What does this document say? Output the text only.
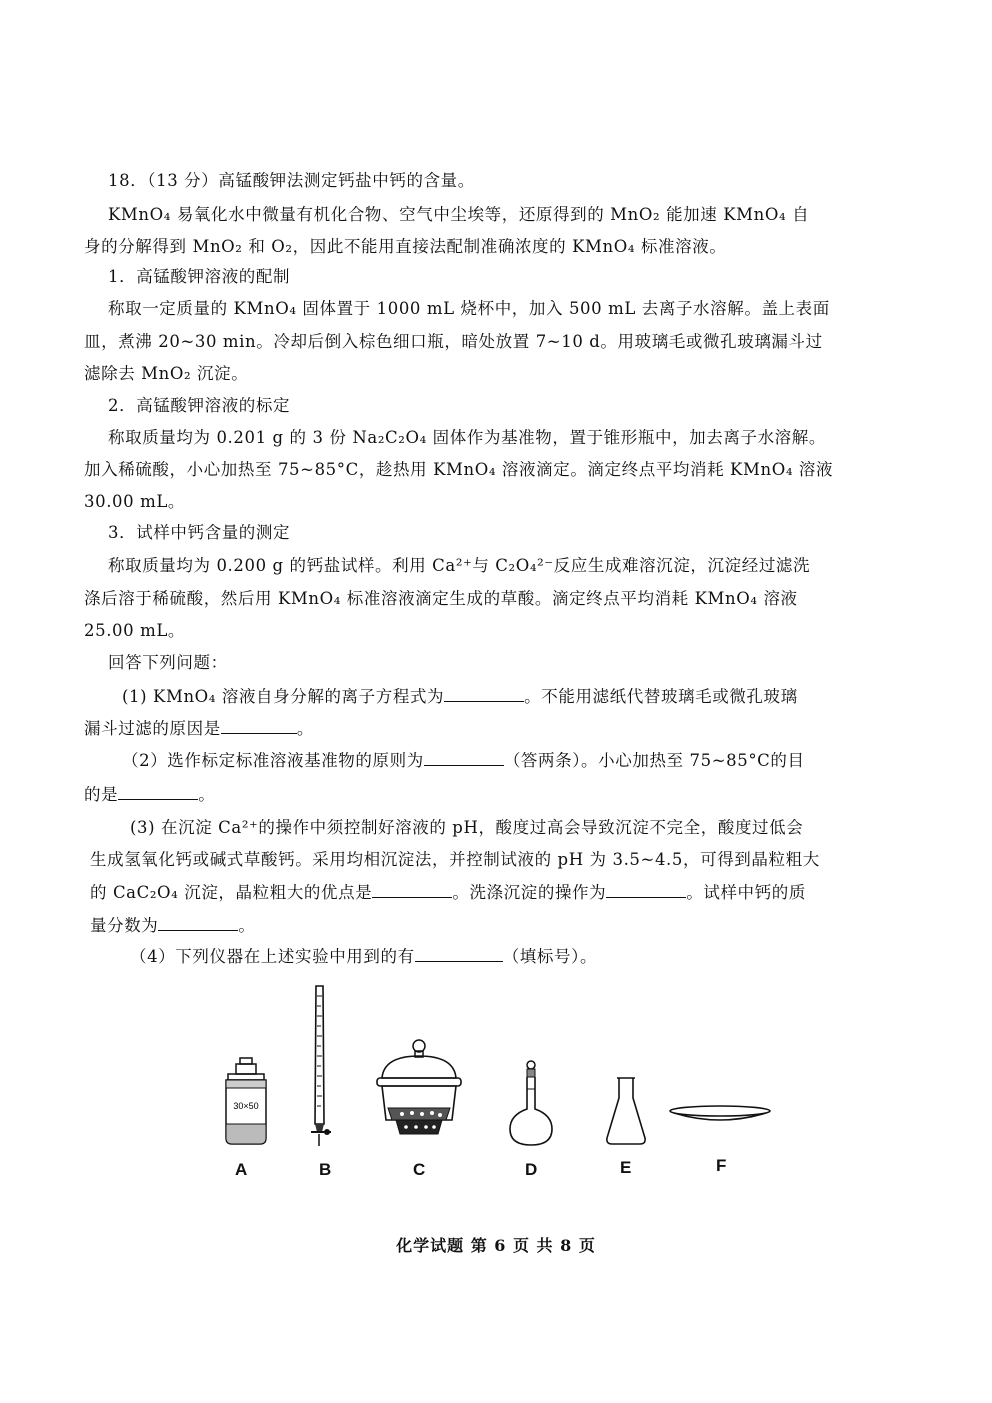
18．（13 分）高锰酸钾法测定钙盐中钙的含量。
KMnO₄ 易氧化水中微量有机化合物、空气中尘埃等，还原得到的 MnO₂ 能加速 KMnO₄ 自
身的分解得到 MnO₂ 和 O₂，因此不能用直接法配制准确浓度的 KMnO₄ 标准溶液。
1．高锰酸钾溶液的配制
称取一定质量的 KMnO₄ 固体置于 1000 mL 烧杯中，加入 500 mL 去离子水溶解。盖上表面
皿，煮沸 20~30 min。冷却后倒入棕色细口瓶，暗处放置 7~10 d。用玻璃毛或微孔玻璃漏斗过
滤除去 MnO₂ 沉淀。
2．高锰酸钾溶液的标定
称取质量均为 0.201 g 的 3 份 Na₂C₂O₄ 固体作为基准物，置于锥形瓶中，加去离子水溶解。
加入稀硫酸，小心加热至 75~85°C，趁热用 KMnO₄ 溶液滴定。滴定终点平均消耗 KMnO₄ 溶液
30.00 mL。
3．试样中钙含量的测定
称取质量均为 0.200 g 的钙盐试样。利用 Ca²⁺与 C₂O₄²⁻反应生成难溶沉淀，沉淀经过滤洗
涤后溶于稀硫酸，然后用 KMnO₄ 标准溶液滴定生成的草酸。滴定终点平均消耗 KMnO₄ 溶液
25.00 mL。
回答下列问题：
(1) KMnO₄ 溶液自身分解的离子方程式为	。不能用滤纸代替玻璃毛或微孔玻璃
漏斗过滤的原因是	。
（2）选作标定标准溶液基准物的原则为	（答两条）。小心加热至 75~85°C的目
的是	。
(3) 在沉淀 Ca²⁺的操作中须控制好溶液的 pH，酸度过高会导致沉淀不完全，酸度过低会
生成氢氧化钙或碱式草酸钙。采用均相沉淀法，并控制试液的 pH 为 3.5~4.5，可得到晶粒粗大
的 CaC₂O₄ 沉淀，晶粒粗大的优点是	。洗涤沉淀的操作为	。试样中钙的质
量分数为	。
（4）下列仪器在上述实验中用到的有	（填标号）。
30×50
A	B	C	D	E	F
化学试题 第 6 页 共 8 页
